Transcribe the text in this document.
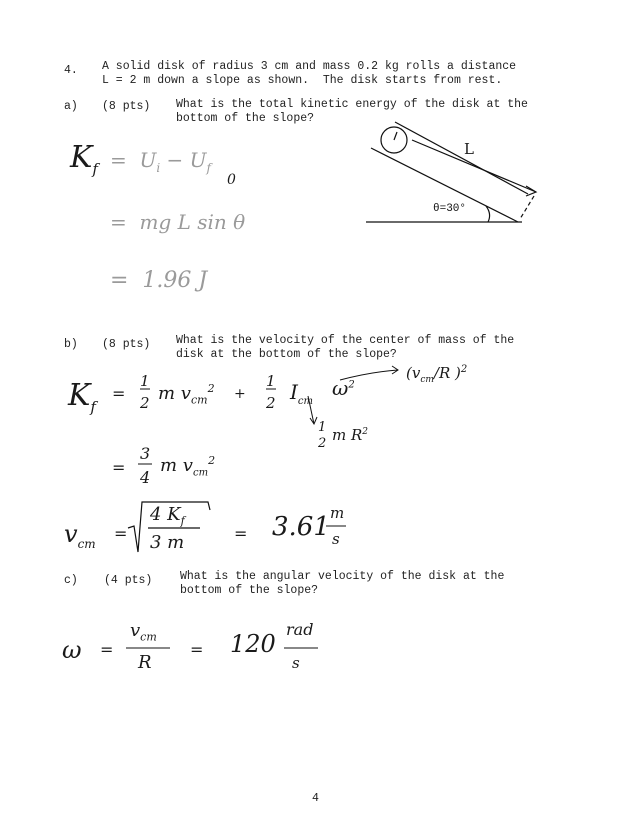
4. A solid disk of radius 3 cm and mass 0.2 kg rolls a distance
L = 2 m down a slope as shown.  The disk starts from rest.
a) (8 pts) What is the total kinetic energy of the disk at the
bottom of the slope?
$K_f = U_i - U_f$
0
=  mg L sin θ
=  1.96 J
L
θ=30°
b) (8 pts) What is the velocity of the center of mass of the
disk at the bottom of the slope?
$K_f$
=
1
2 m $v_{cm}^2$ +
1
2 $I_{cm}$
$\omega^2$
($v_{cm}/R$ )$^2$
1
2 m $R^2$
=
3
4
m $v_{cm}^2$
$v_{cm}$
=
4 $K_f$
3 m	= 3.61 m
s
c) (4 pts) What is the angular velocity of the disk at the
bottom of the slope?
ω =
$v_{cm}$
R
= 120
rad
s
4
